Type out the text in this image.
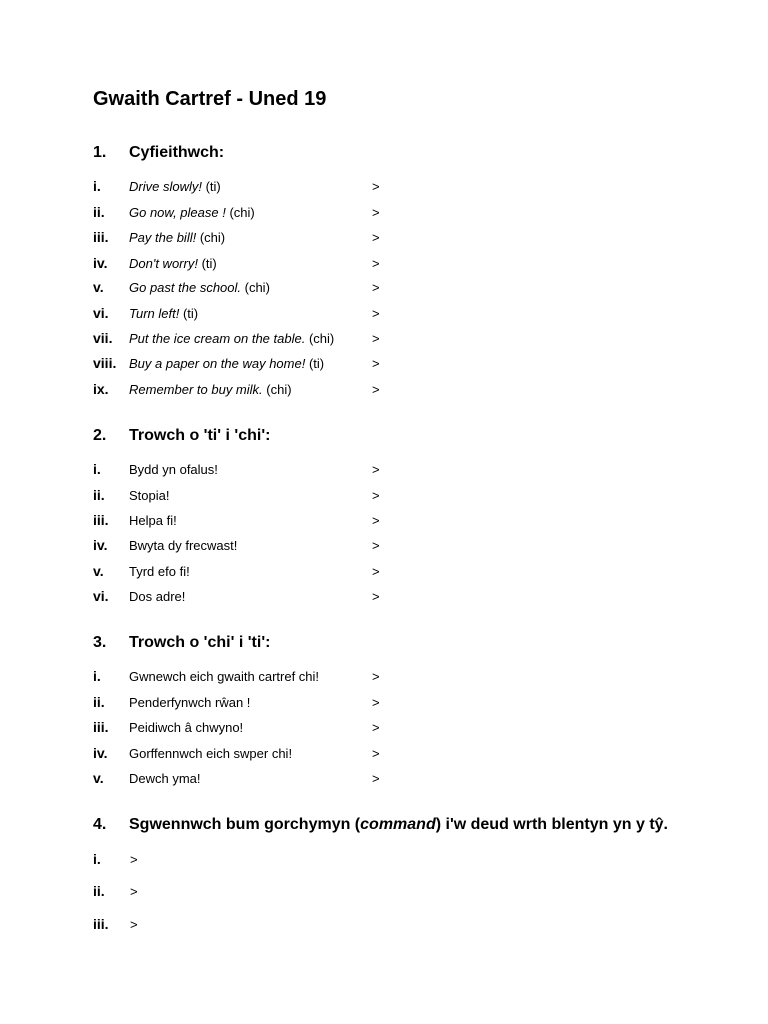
Gwaith Cartref - Uned 19
1. Cyfieithwch:
i. Drive slowly! (ti)	>
ii. Go now, please ! (chi)	>
iii. Pay the bill! (chi)	>
iv. Don't worry! (ti)	>
v. Go past the school. (chi)	>
vi. Turn left! (ti)	>
vii. Put the ice cream on the table. (chi)	>
viii. Buy a paper on the way home! (ti)	>
ix. Remember to buy milk. (chi)	>
2. Trowch o 'ti' i 'chi':
i. Bydd yn ofalus!	>
ii. Stopia!	>
iii. Helpa fi!	>
iv. Bwyta dy frecwast!	>
v. Tyrd efo fi!	>
vi. Dos adre!	>
3. Trowch o 'chi' i 'ti':
i. Gwnewch eich gwaith cartref chi!	>
ii. Penderfynwch rŵan !	>
iii. Peidiwch â chwyno!	>
iv. Gorffennwch eich swper chi!	>
v. Dewch yma!	>
4. Sgwennwch bum gorchymyn (command) i'w deud wrth blentyn yn y tŷ.
i. >
ii. >
iii. >
